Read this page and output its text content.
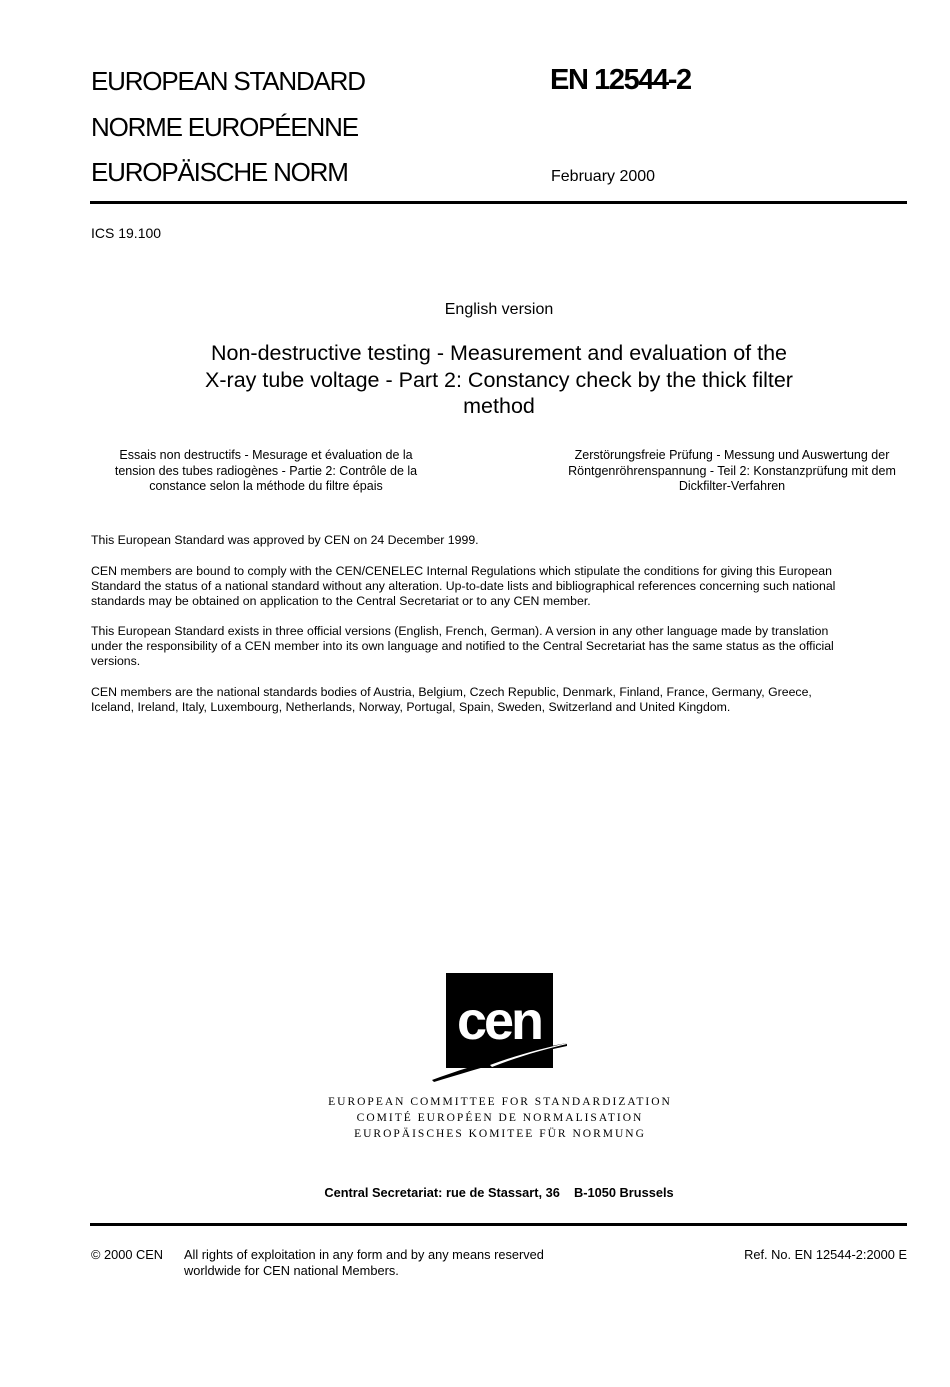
EUROPEAN STANDARD
NORME EUROPÉENNE
EUROPÄISCHE NORM
EN 12544-2
February 2000
ICS 19.100
English version
Non-destructive testing - Measurement and evaluation of the
X-ray tube voltage - Part 2: Constancy check by the thick filter
method
Essais non destructifs - Mesurage et évaluation de la
tension des tubes radiogènes - Partie 2: Contrôle de la
constance selon la méthode du filtre épais
Zerstörungsfreie Prüfung - Messung und Auswertung der
Röntgenröhrenspannung - Teil 2: Konstanzprüfung mit dem
Dickfilter-Verfahren

This European Standard was approved by CEN on 24 December 1999.

CEN members are bound to comply with the CEN/CENELEC Internal Regulations which stipulate the conditions for giving this European

Standard the status of a national standard without any alteration. Up-to-date lists and bibliographical references concerning such national

standards may be obtained on application to the Central Secretariat or to any CEN member.

This European Standard exists in three official versions (English, French, German). A version in any other language made by translation

under the responsibility of a CEN member into its own language and notified to the Central Secretariat has the same status as the official

versions.

CEN members are the national standards bodies of Austria, Belgium, Czech Republic, Denmark, Finland, France, Germany, Greece,

Iceland, Ireland, Italy, Luxembourg, Netherlands, Norway, Portugal, Spain, Sweden, Switzerland and United Kingdom.

cen
EUROPEAN COMMITTEE FOR STANDARDIZATION
COMITÉ EUROPÉEN DE NORMALISATION
EUROPÄISCHES KOMITEE FÜR NORMUNG
Central Secretariat: rue de Stassart, 36    B-1050 Brussels
© 2000 CEN All rights of exploitation in any form and by any means reserved
worldwide for CEN national Members.
Ref. No. EN 12544-2:2000 E
